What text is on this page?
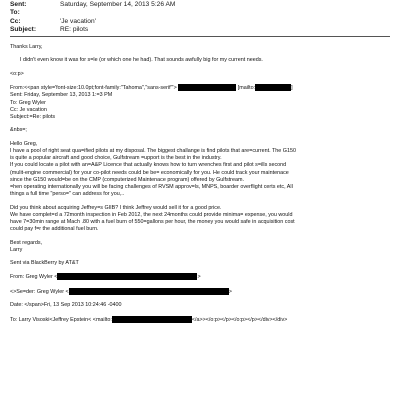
Sent:	Saturday, September 14, 2013 5:26 AM
To:
Cc:	'Je vacation'
Subject:	RE: pilots

Thanks Larry,

I didn't even know it was for s=le (or which one he had). That sounds awfully big for my current needs.

<o:p>

From:<<pan style='font-size:10.0pt;font-family:"Tahoma","sans-serif"'>	[mailto:	]

Sent: Friday, September 13, 2013 1:=3 PM

To: Greg Wyler

Cc: Je vacation

Subject:=Re: pilots

&nbs=;

Hello Greg,

I have a pool of right seat qua=ified pilots at my disposal. The biggest challange is find pilots that are=current. The G150

is quite a popular aircraft and good choice, Gulfstream =upport is the best in the industry.

If you could locate a pilot with an=A&P Licence that actually knows how to turn wrenches first and pilot s=ills second

(mulit-engine commercial) for your co-pilot needs could be be= economically for you. He could track your maintenace

since the G150 would=be on the CMP (computerized Maintenace program) offered by Gulfstream.

=hen operating internationally you will be facing challenges of RVSM approv=ls, MNPS, boarder overflight certs etc, All

things a full time "perso=" can address for you,..

Did you think about acquiring Jeffrey=s GIIB? I think Jeffrey would sell it for a good price.

We have complet=d a 72month inspection in Feb 2012, the next 24months could provide minima= expense, you would

have 7=30min range at Mach .80 with a fuel burn of 550=gallons per hour, the money you would safe in acquisition cost

could pay f=r the additional fuel burn.

Best regards,

Larry

Sent via BlackBerry by AT&T

From: Greg Wyler <	>

<>Se=der: Greg Wyler <	>

Date: </span>Fri, 13 Sep 2013 10:24:46 -0400

To: Larry Visoski<Jeffrey Epstein< <mailto:	</a>></o:p></p></o:p></p></div></div>
